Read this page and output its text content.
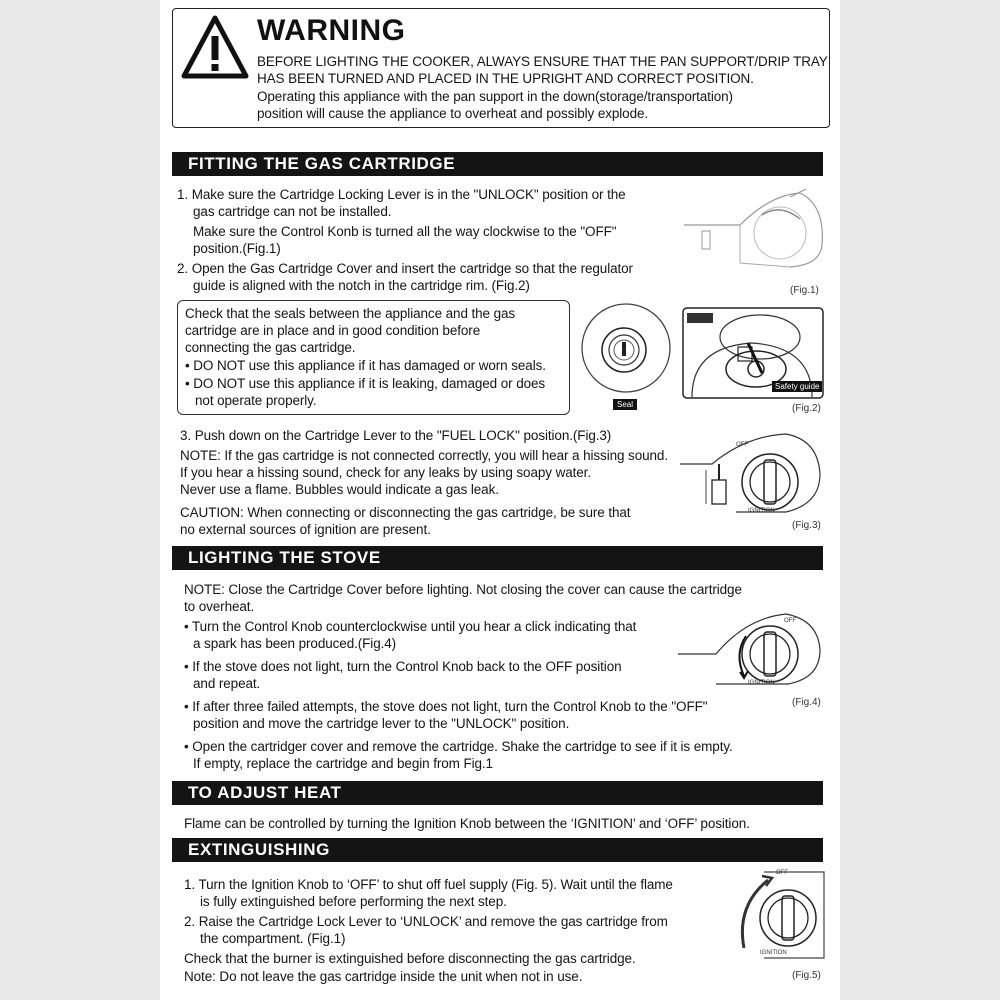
WARNING
BEFORE LIGHTING THE COOKER, ALWAYS ENSURE THAT THE PAN SUPPORT/DRIP TRAY
HAS BEEN TURNED AND PLACED IN THE UPRIGHT AND CORRECT POSITION.
Operating this appliance with the pan support in the down(storage/transportation)
position will cause the appliance to overheat and possibly explode.
FITTING THE GAS CARTRIDGE
1. Make sure the Cartridge Locking Lever is in the "UNLOCK" position or the
gas cartridge can not be installed.
Make sure the Control Konb is turned all the way clockwise to the "OFF"
position.(Fig.1)
2. Open the Gas Cartridge Cover and insert the cartridge so that the regulator
guide is aligned with the notch in the cartridge rim. (Fig.2)	(Fig.1)
Check that the seals between the appliance and the gas
cartridge are in place and in good condition before
connecting the gas cartridge.
• DO NOT use this appliance if it has damaged or worn seals.
• DO NOT use this appliance if it is leaking, damaged or does
not operate properly.	Seal
Safety guide
(Fig.2)
3. Push down on the Cartridge Lever to the "FUEL LOCK" position.(Fig.3)
NOTE: If the gas cartridge is not connected correctly, you will hear a hissing sound.
If you hear a hissing sound, check for any leaks by using soapy water.
Never use a flame. Bubbles would indicate a gas leak.
CAUTION: When connecting or disconnecting the gas cartridge, be sure that
no external sources of ignition are present.
OFF
IGNITION
(Fig.3)
LIGHTING THE STOVE
NOTE: Close the Cartridge Cover before lighting. Not closing the cover can cause the cartridge
to overheat.
• Turn the Control Knob counterclockwise until you hear a click indicating that
a spark has been produced.(Fig.4)
• If the stove does not light, turn the Control Knob back to the OFF position
and repeat.
• If after three failed attempts, the stove does not light, turn the Control Knob to the "OFF"
position and move the cartridge lever to the "UNLOCK" position.
• Open the cartridger cover and remove the cartridge. Shake the cartridge to see if it is empty.
If empty, replace the cartridge and begin from Fig.1
OFF
IGNITION
(Fig.4)
TO ADJUST HEAT
Flame can be controlled by turning the Ignition Knob between the ‘IGNITION’ and ‘OFF’ position.
EXTINGUISHING
1. Turn the Ignition Knob to ‘OFF’ to shut off fuel supply (Fig. 5). Wait until the flame
is fully extinguished before performing the next step.
2. Raise the Cartridge Lock Lever to ‘UNLOCK’ and remove the gas cartridge from
the compartment. (Fig.1)
Check that the burner is extinguished before disconnecting the gas cartridge.
Note: Do not leave the gas cartridge inside the unit when not in use.
OFF
IGNITION
(Fig.5)
